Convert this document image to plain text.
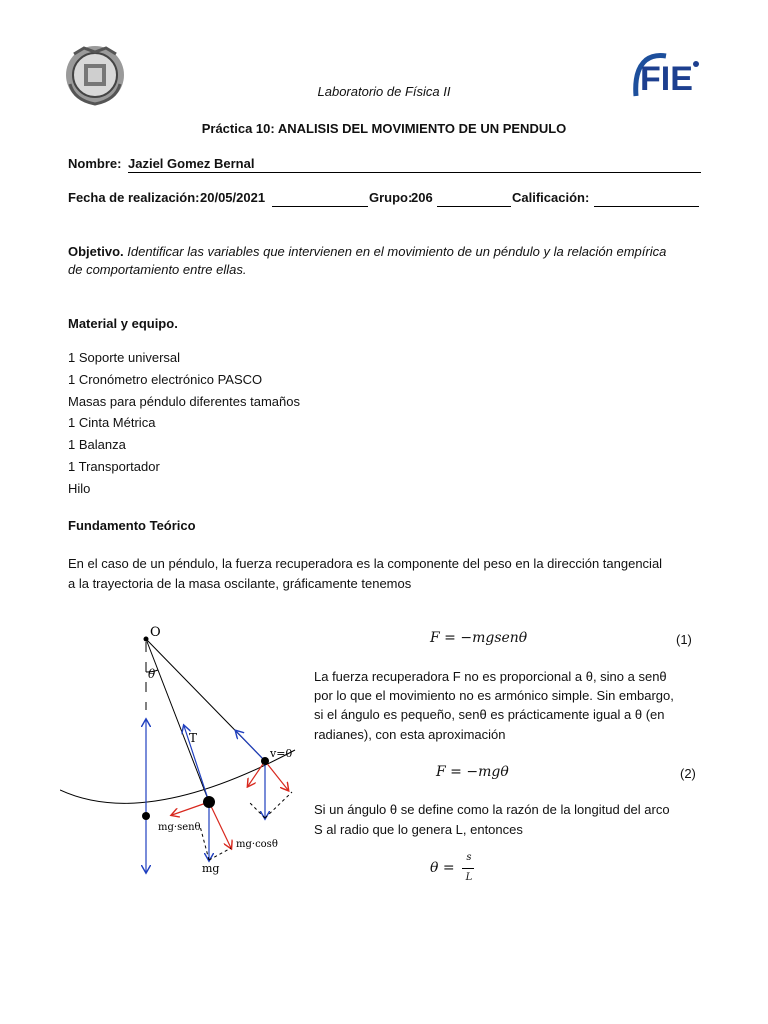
FIE
Laboratorio de Física II
Práctica 10: ANALISIS DEL MOVIMIENTO DE UN PENDULO
Nombre: Jaziel Gomez Bernal
Fecha de realización: 20/05/2021	Grupo:
206	Calificación:
Objetivo. Identificar las variables que intervienen en el movimiento de un péndulo y la relación empírica
de comportamiento entre ellas.
Material y equipo.
1 Soporte universal
1 Cronómetro electrónico PASCO
Masas para péndulo diferentes tamaños
1 Cinta Métrica
1 Balanza
1 Transportador
Hilo
Fundamento Teórico
En el caso de un péndulo, la fuerza recuperadora es la componente del peso en la dirección tangencial
a la trayectoria de la masa oscilante, gráficamente tenemos
F = −mgsenθ	(1)
La fuerza recuperadora F no es proporcional a θ, sino a senθ
por lo que el movimiento no es armónico simple. Sin embargo,
si el ángulo es pequeño, senθ es prácticamente igual a θ (en
radianes), con esta aproximación
F = −mgθ	(2)
Si un ángulo θ se define como la razón de la longitud del arco
S al radio que lo genera L, entonces
θ =
s
L
O
θ
T
v=0
mg·senθ
mg·cosθ
mg
